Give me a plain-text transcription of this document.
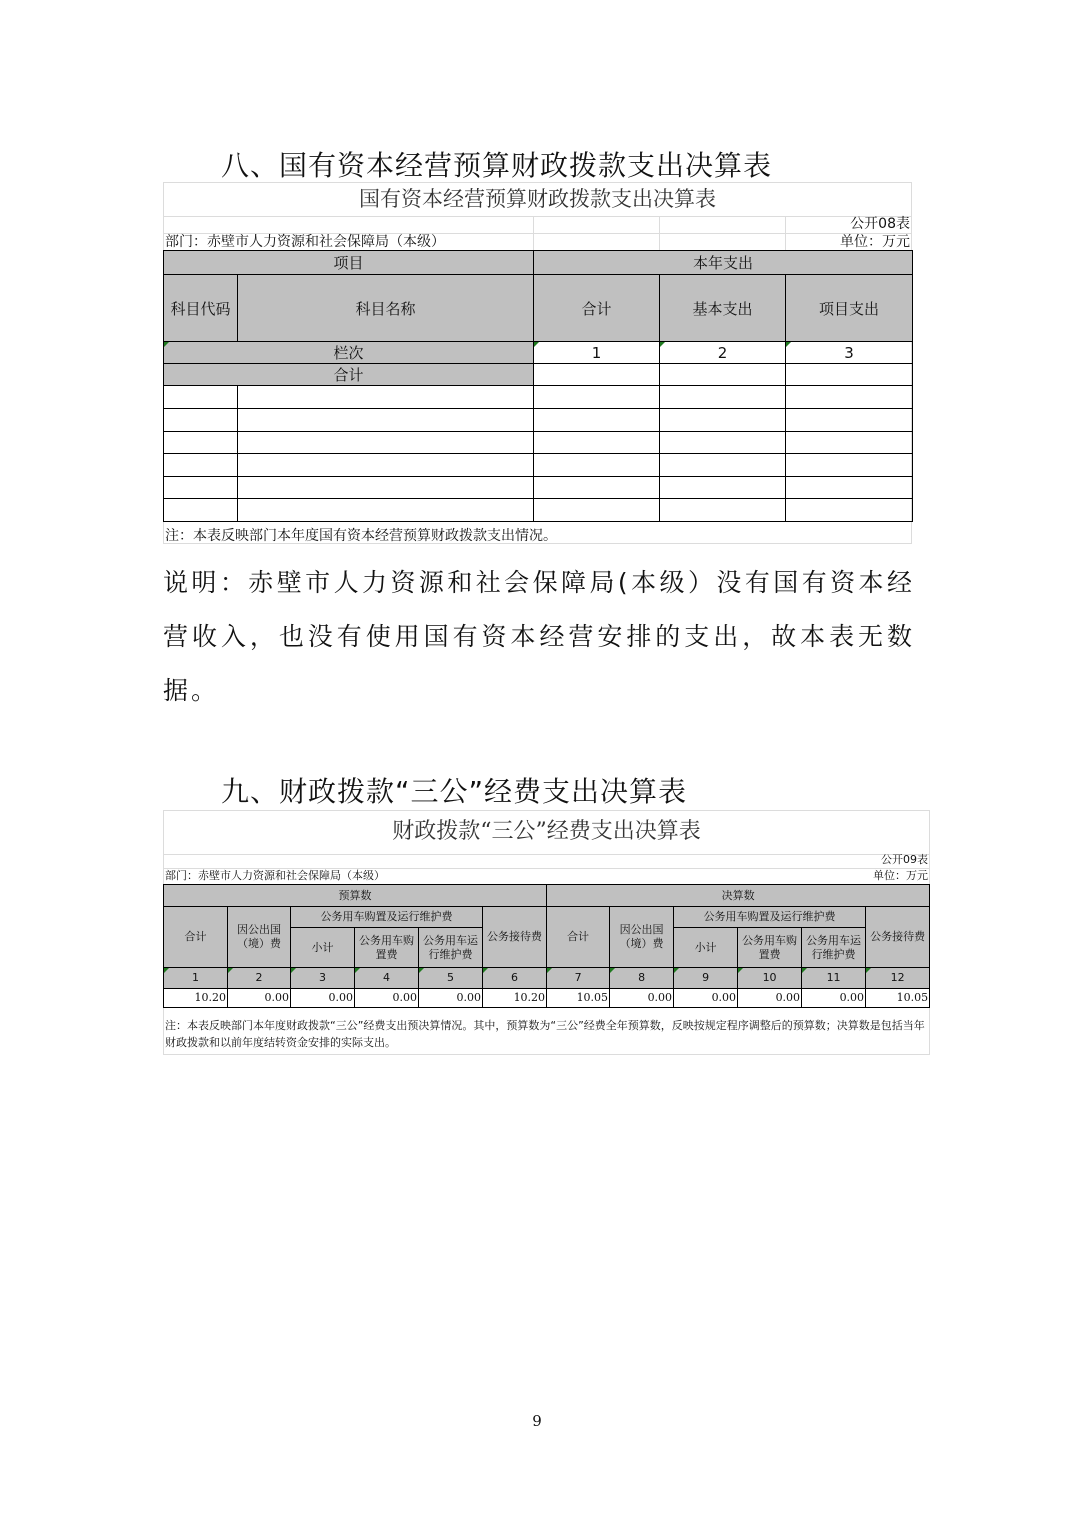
八、国有资本经营预算财政拨款支出决算表
国有资本经营预算财政拨款支出决算表
公开08表
部门：赤壁市人力资源和社会保障局（本级）	单位：万元
项目		本年支出		
科目代码	科目名称	合计	基本支出	项目支出
栏次		1	2	3
合计				

注：本表反映部门本年度国有资本经营预算财政拨款支出情况。
说明：赤壁市人力资源和社会保障局(本级）没有国有资本经营收入，也没有使用国有资本经营安排的支出，故本表无数据。
九、财政拨款“三公”经费支出决算表
财政拨款“三公”经费支出决算表
公开09表
部门：赤壁市人力资源和社会保障局（本级）	单位：万元
预算数						决算数					
合计	因公出国（境）费	公务用车购置及运行维护费			公务接待费	合计	因公出国（境）费	公务用车购置及运行维护费			公务接待费
		小计	公务用车购置费	公务用车运行维护费				小计	公务用车购置费	公务用车运行维护费	
1	2	3	4	5	6	7	8	9	10	11	12
10.20	0.00	0.00	0.00	0.00	10.20	10.05	0.00	0.00	0.00	0.00	10.05
注：本表反映部门本年度财政拨款“三公”经费支出预决算情况。其中，预算数为“三公”经费全年预算数，反映按规定程序调整后的预算数；决算数是包括当年财政拨款和以前年度结转资金安排的实际支出。
9
